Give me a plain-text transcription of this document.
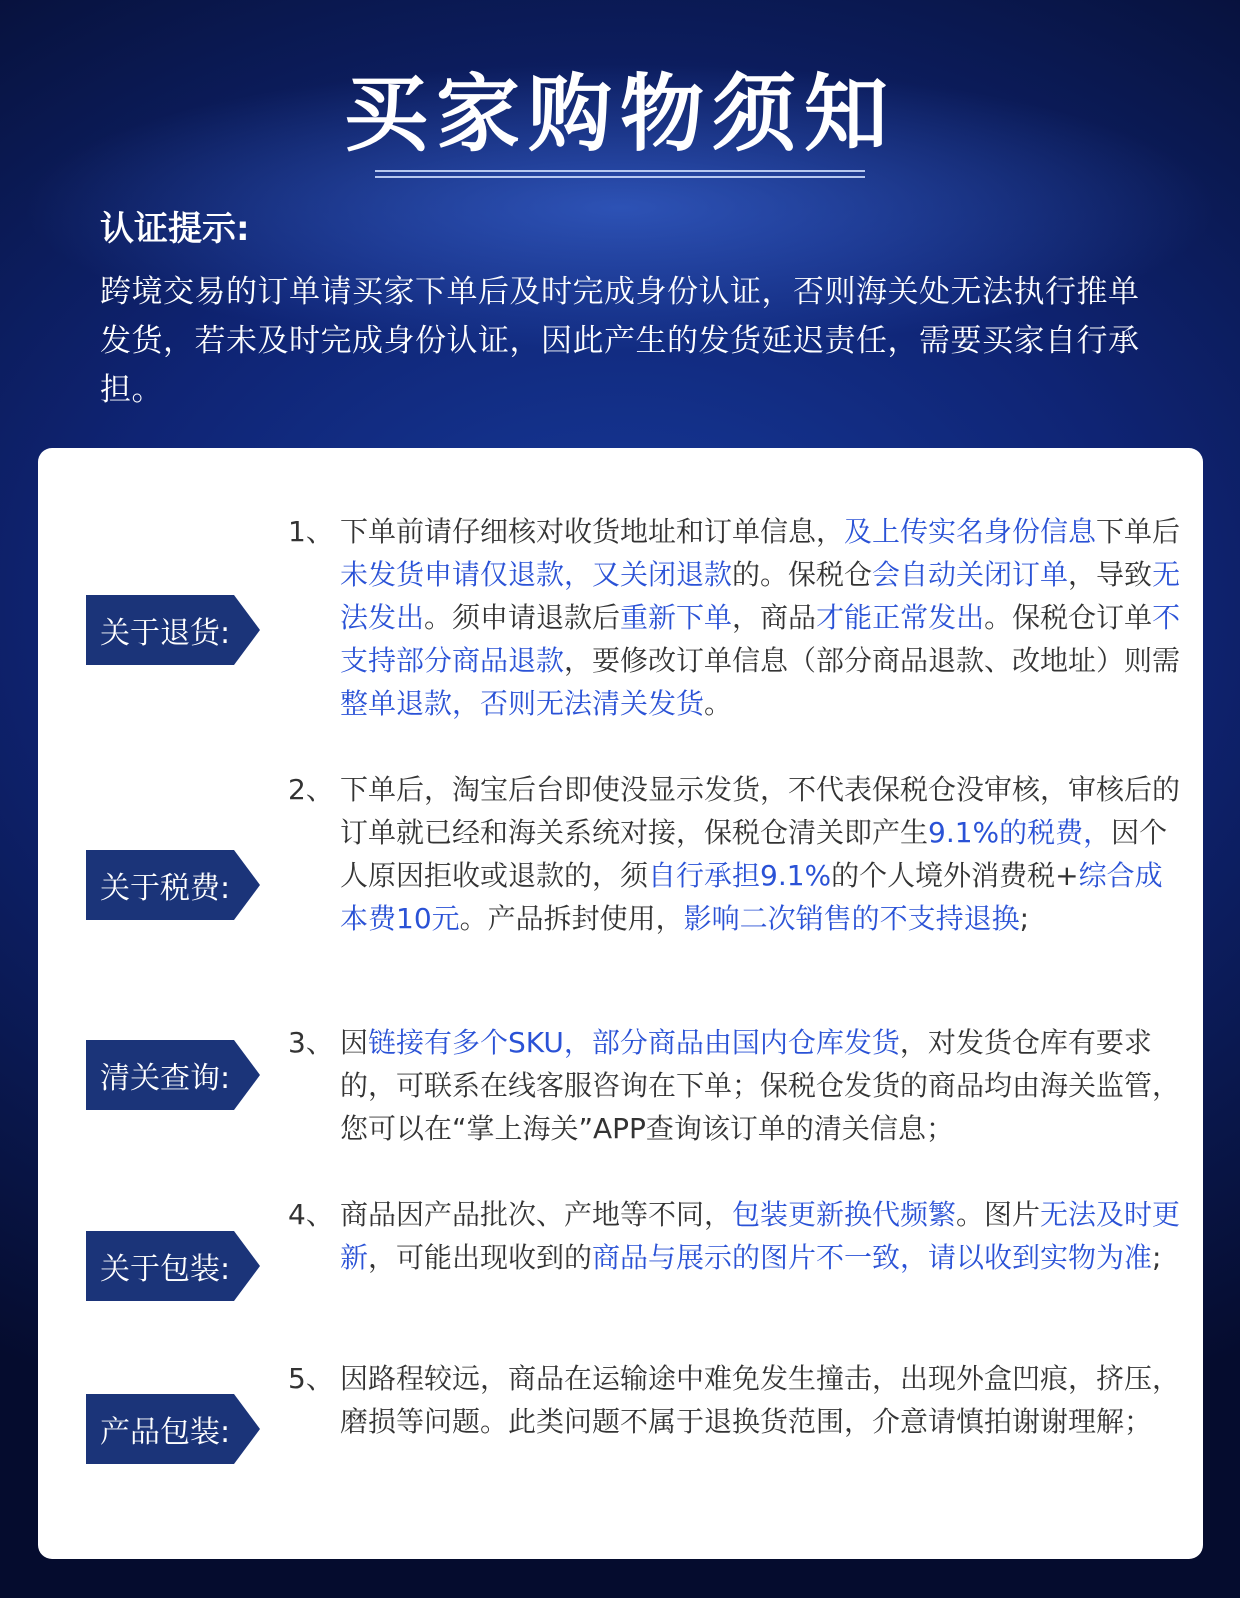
买家购物须知
认证提示:
跨境交易的订单请买家下单后及时完成身份认证，否则海关处无法执行推单发货，若未及时完成身份认证，因此产生的发货延迟责任，需要买家自行承担。
关于退货:
1、 下单前请仔细核对收货地址和订单信息，及上传实名身份信息下单后未发货申请仅退款，又关闭退款的。保税仓会自动关闭订单，导致无法发出。须申请退款后重新下单，商品才能正常发出。保税仓订单不支持部分商品退款，要修改订单信息（部分商品退款、改地址）则需整单退款，否则无法清关发货。
关于税费:
2、 下单后，淘宝后台即使没显示发货，不代表保税仓没审核，审核后的订单就已经和海关系统对接，保税仓清关即产生9.1%的税费，因个人原因拒收或退款的，须自行承担9.1%的个人境外消费税+综合成本费10元。产品拆封使用，影响二次销售的不支持退换;
清关查询:
3、 因链接有多个SKU，部分商品由国内仓库发货，对发货仓库有要求的，可联系在线客服咨询在下单；保税仓发货的商品均由海关监管，您可以在“掌上海关”APP查询该订单的清关信息；
关于包装:
4、 商品因产品批次、产地等不同，包装更新换代频繁。图片无法及时更新，可能出现收到的商品与展示的图片不一致，请以收到实物为准;
产品包装:
5、 因路程较远，商品在运输途中难免发生撞击，出现外盒凹痕，挤压，磨损等问题。此类问题不属于退换货范围，介意请慎拍谢谢理解；
